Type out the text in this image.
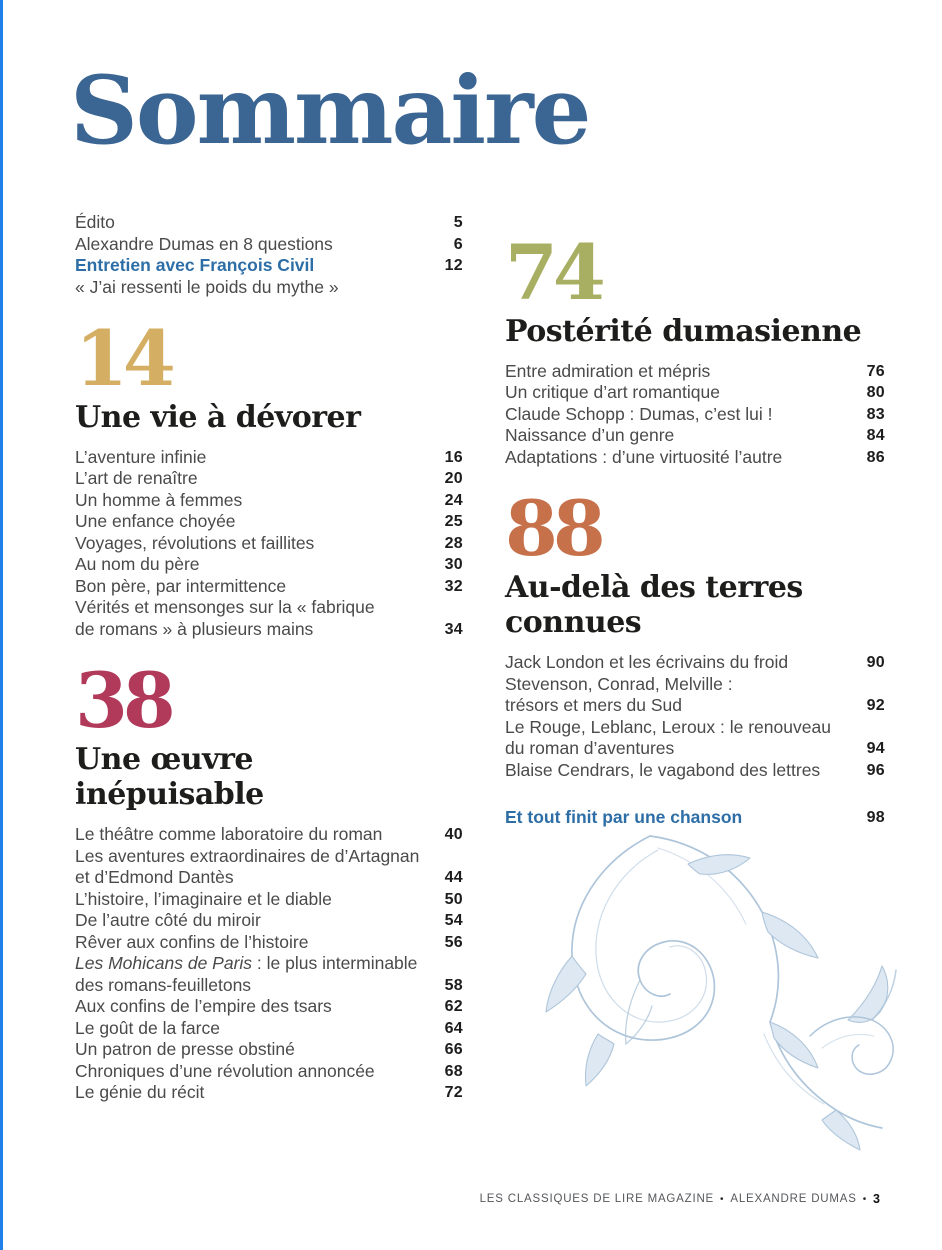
Sommaire
Édito	5
Alexandre Dumas en 8 questions	6
Entretien avec François Civil	12
« J’ai ressenti le poids du mythe »
14
Une vie à dévorer
L’aventure infinie	16
L’art de renaître	20
Un homme à femmes	24
Une enfance choyée	25
Voyages, révolutions et faillites	28
Au nom du père	30
Bon père, par intermittence	32
Vérités et mensonges sur la « fabrique
de romans » à plusieurs mains	34
38
Une œuvre
inépuisable
Le théâtre comme laboratoire du roman	40
Les aventures extraordinaires de d’Artagnan
et d’Edmond Dantès	44
L’histoire, l’imaginaire et le diable	50
De l’autre côté du miroir	54
Rêver aux confins de l’histoire	56
Les Mohicans de Paris : le plus interminable
des romans-feuilletons	58
Aux confins de l’empire des tsars	62
Le goût de la farce	64
Un patron de presse obstiné	66
Chroniques d’une révolution annoncée	68
Le génie du récit	72
74
Postérité dumasienne
Entre admiration et mépris	76
Un critique d’art romantique	80
Claude Schopp : Dumas, c’est lui !	83
Naissance d’un genre	84
Adaptations : d’une virtuosité l’autre	86
88
Au-delà des terres
connues
Jack London et les écrivains du froid	90
Stevenson, Conrad, Melville :
trésors et mers du Sud	92
Le Rouge, Leblanc, Leroux : le renouveau
du roman d’aventures	94
Blaise Cendrars, le vagabond des lettres	96
Et tout finit par une chanson	98
LES CLASSIQUES DE LIRE MAGAZINE • ALEXANDRE DUMAS • 3
